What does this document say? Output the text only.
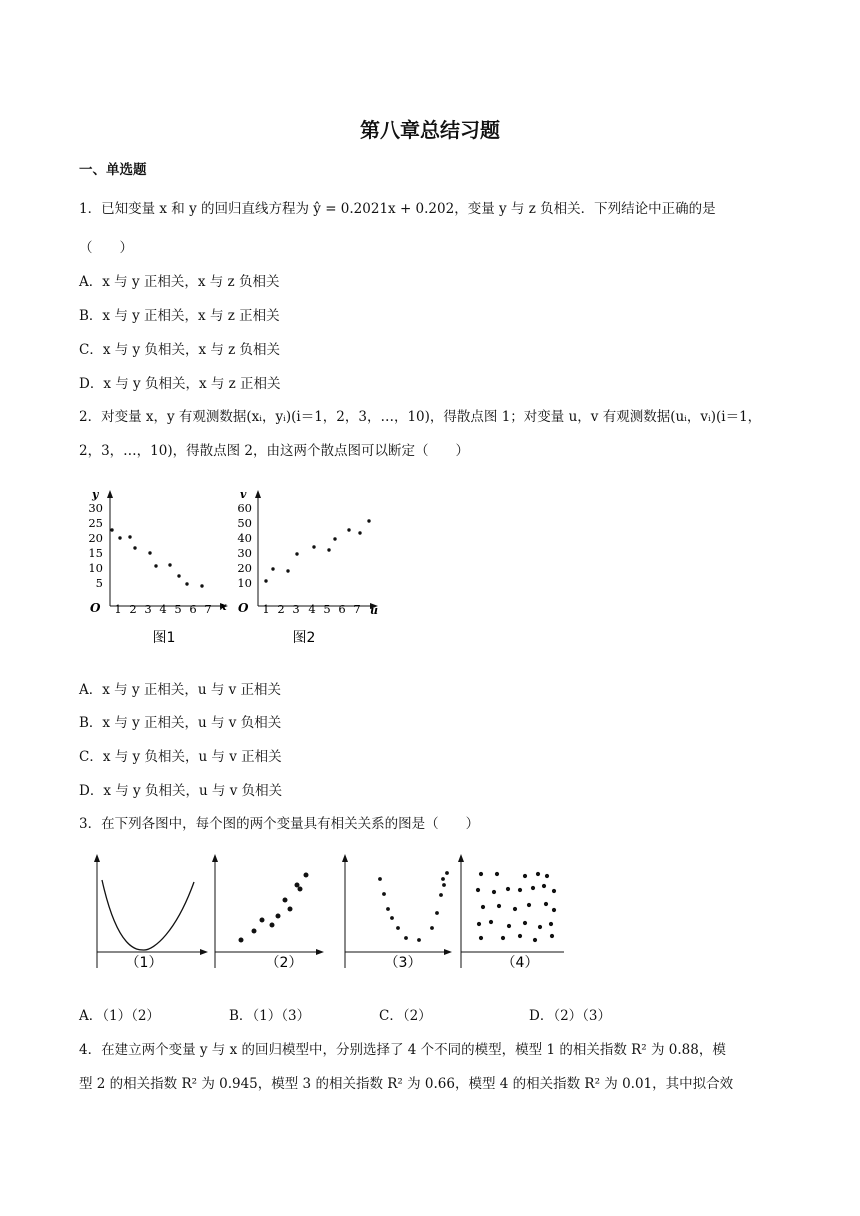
第八章总结习题
一、单选题
1．已知变量 x 和 y 的回归直线方程为 ŷ = 0.2021x + 0.202，变量 y 与 z 负相关．下列结论中正确的是
（　　）
A．x 与 y 正相关，x 与 z 负相关
B．x 与 y 正相关，x 与 z 正相关
C．x 与 y 负相关，x 与 z 负相关
D．x 与 y 负相关，x 与 z 正相关
2．对变量 x，y 有观测数据(xᵢ，yᵢ)(i＝1，2，3，…，10)，得散点图 1；对变量 u，v 有观测数据(uᵢ，vᵢ)(i＝1，
2，3，…，10)，得散点图 2，由这两个散点图可以断定（　　）
y
x
O
30
25
20
15
10
5
1 2 3 4 5 6 7
图1
v
u
O
60
50
40
30
20
10
1 2 3 4 5 6 7
图2
A．x 与 y 正相关，u 与 v 正相关
B．x 与 y 正相关，u 与 v 负相关
C．x 与 y 负相关，u 与 v 正相关
D．x 与 y 负相关，u 与 v 负相关
3．在下列各图中，每个图的两个变量具有相关关系的图是（　　）
（1）	（2）	（3）	（4）
A．（1）（2）	B．（1）（3）	C．（2）	D．（2）（3）
4．在建立两个变量 y 与 x 的回归模型中，分别选择了 4 个不同的模型，模型 1 的相关指数 R² 为 0.88，模
型 2 的相关指数 R² 为 0.945，模型 3 的相关指数 R² 为 0.66，模型 4 的相关指数 R² 为 0.01，其中拟合效
